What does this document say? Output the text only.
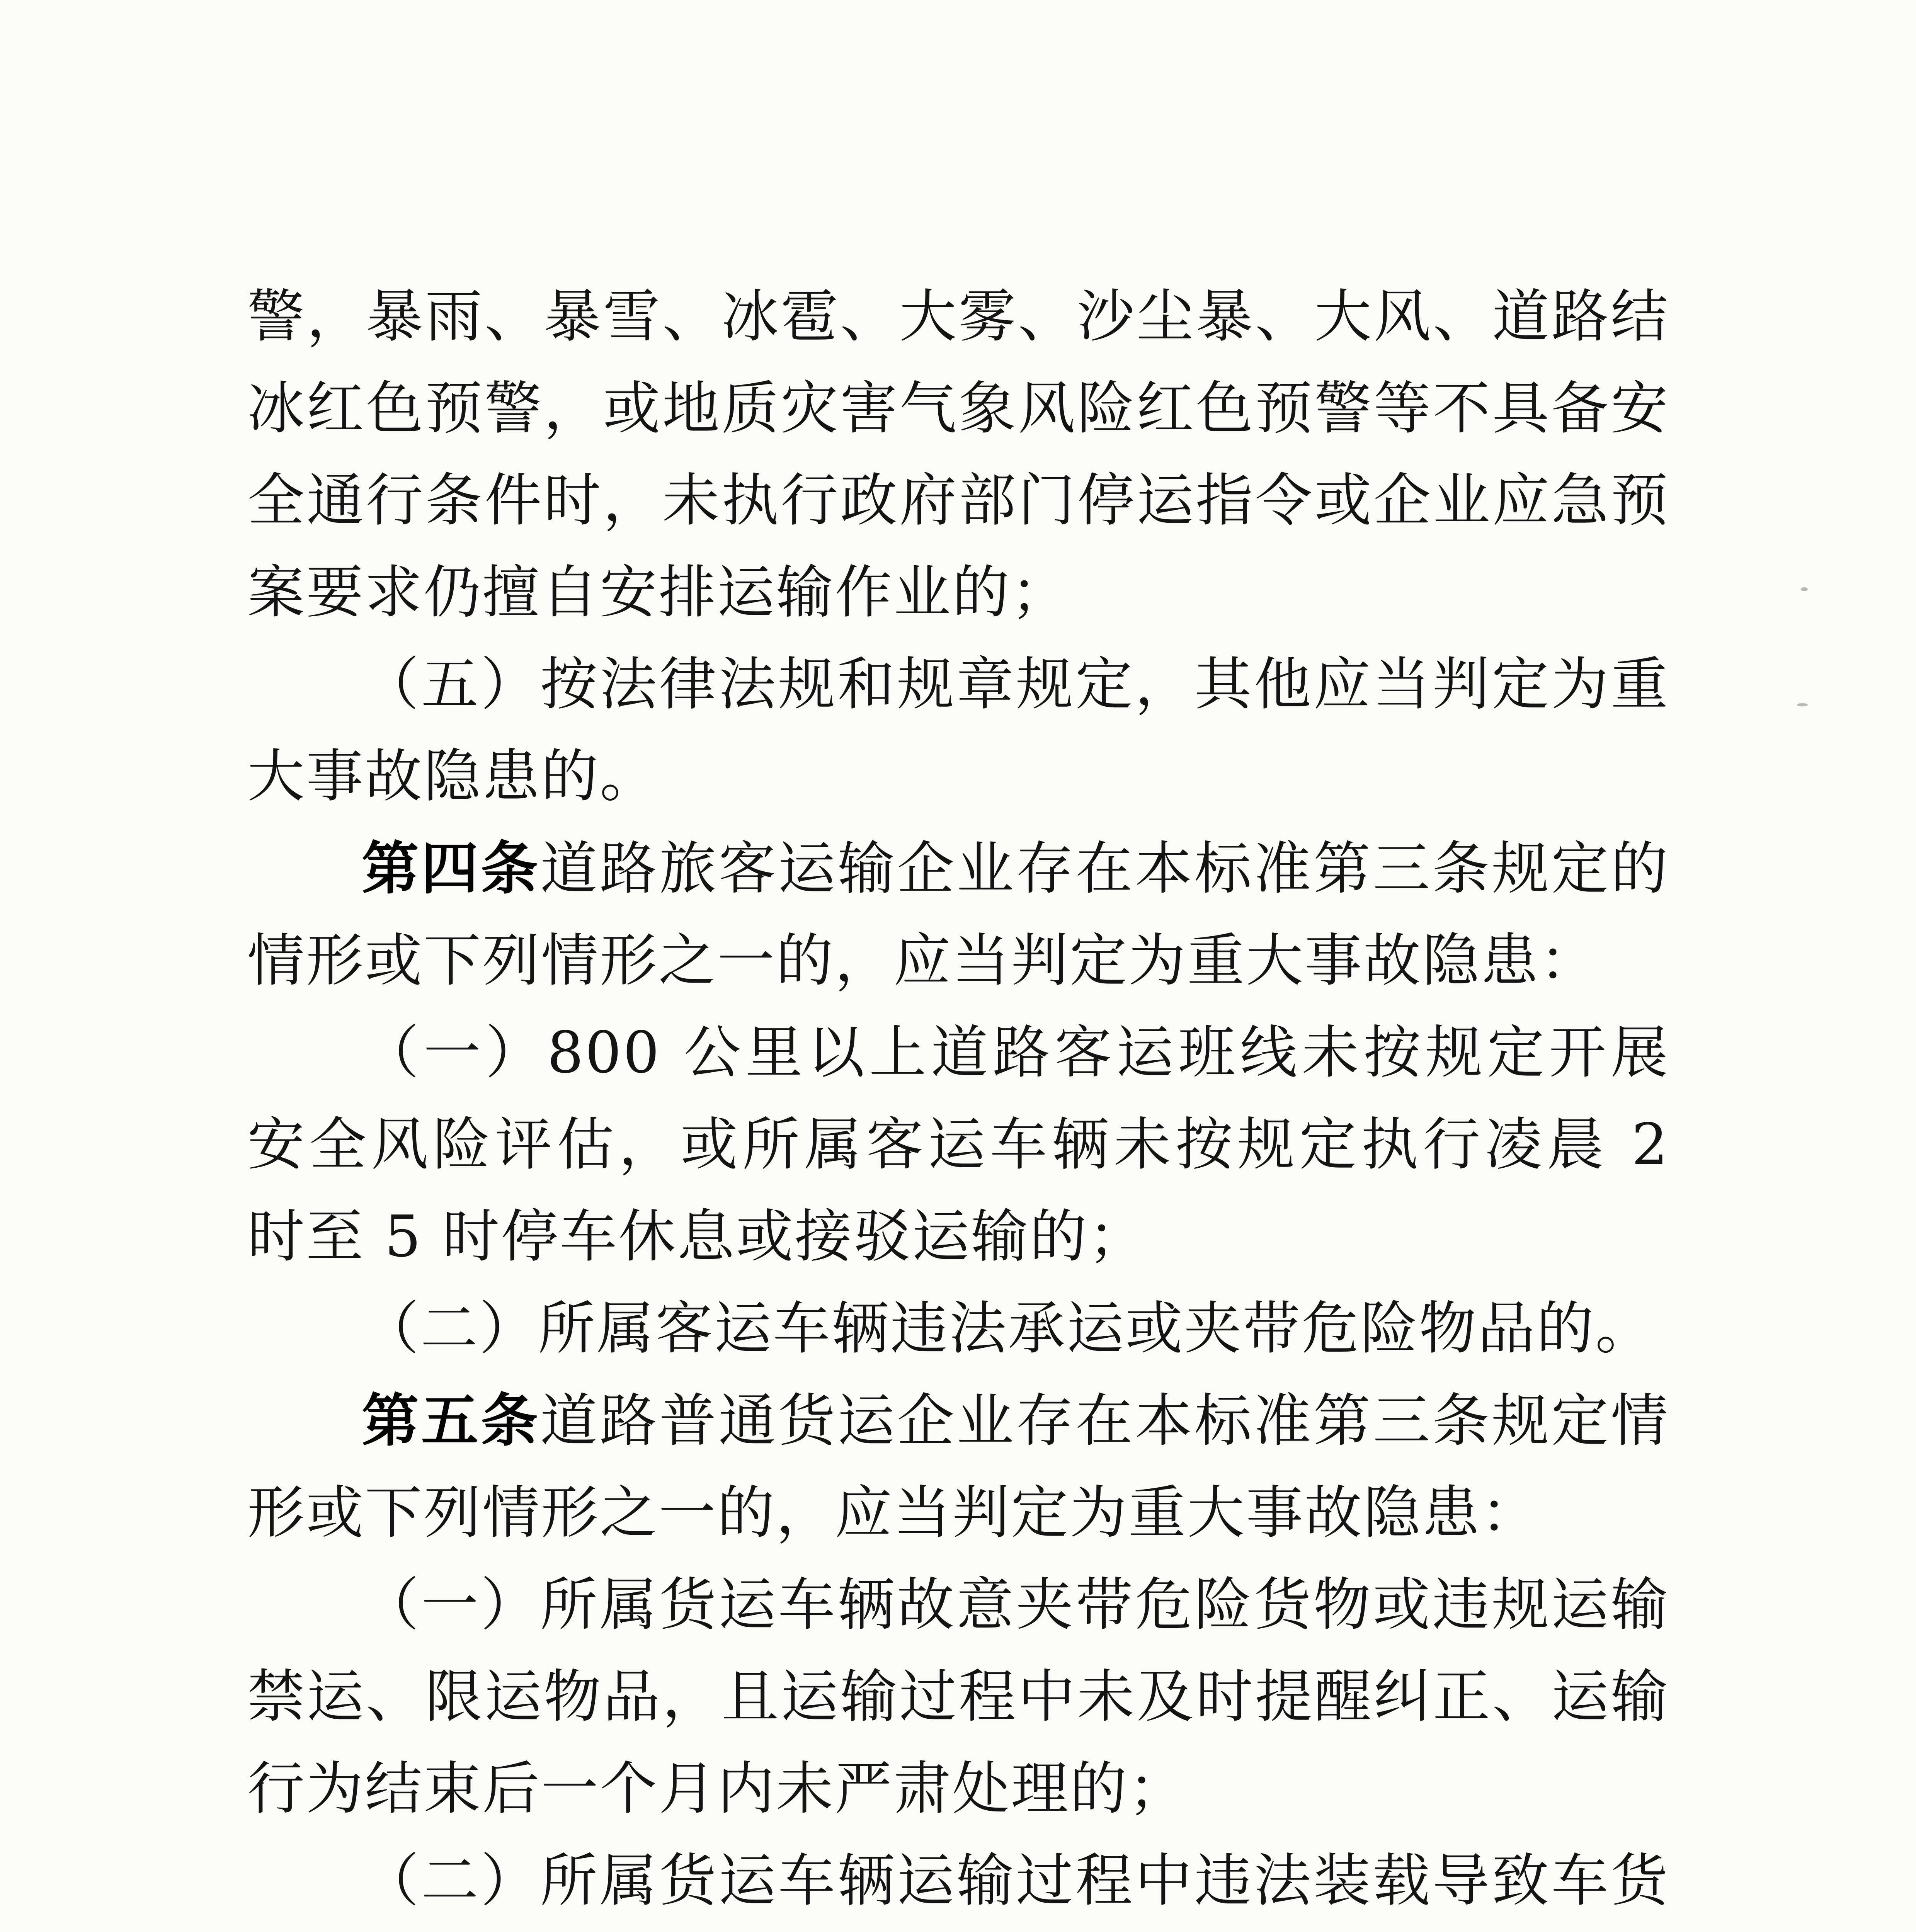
警，暴雨、暴雪、冰雹、大雾、沙尘暴、大风、道路结冰红色预警，或地质灾害气象风险红色预警等不具备安全通行条件时，未执行政府部门停运指令或企业应急预案要求仍擅自安排运输作业的；

（五）按法律法规和规章规定，其他应当判定为重大事故隐患的。

第四条道路旅客运输企业存在本标准第三条规定的情形或下列情形之一的，应当判定为重大事故隐患：

（一）800 公里以上道路客运班线未按规定开展安全风险评估，或所属客运车辆未按规定执行凌晨 2 时至 5 时停车休息或接驳运输的；

（二）所属客运车辆违法承运或夹带危险物品的。

第五条道路普通货运企业存在本标准第三条规定情形或下列情形之一的，应当判定为重大事故隐患：

（一）所属货运车辆故意夹带危险货物或违规运输禁运、限运物品，且运输过程中未及时提醒纠正、运输行为结束后一个月内未严肃处理的；

（二）所属货运车辆运输过程中违法装载导致车货
